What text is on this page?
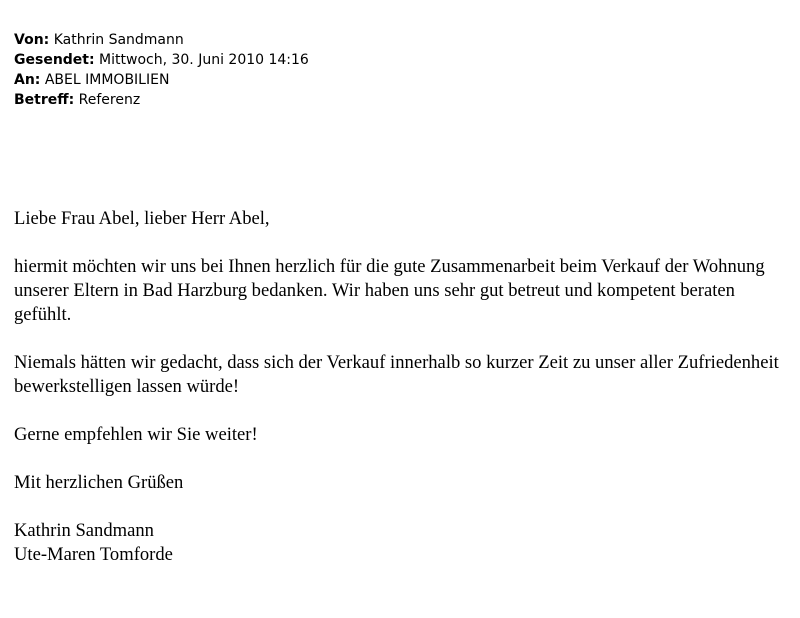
Von: Kathrin Sandmann
Gesendet: Mittwoch, 30. Juni 2010 14:16
An: ABEL IMMOBILIEN
Betreff: Referenz

Liebe Frau Abel, lieber Herr Abel,

hiermit möchten wir uns bei Ihnen herzlich für die gute Zusammenarbeit beim Verkauf der Wohnung unserer Eltern in Bad Harzburg bedanken. Wir haben uns sehr gut betreut und kompetent beraten gefühlt.

Niemals hätten wir gedacht, dass sich der Verkauf innerhalb so kurzer Zeit zu unser aller Zufriedenheit bewerkstelligen lassen würde!

Gerne empfehlen wir Sie weiter!

Mit herzlichen Grüßen

Kathrin Sandmann
Ute-Maren Tomforde
